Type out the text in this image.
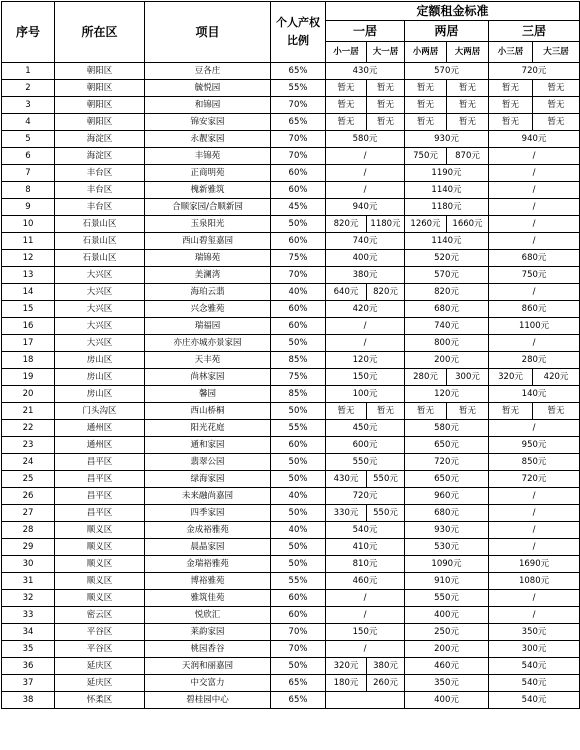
序号	所在区	项目	个人产权比例	定额租金标准					
				一居		两居		三居	
				小一居	大一居	小两居	大两居	小三居	大三居
1	朝阳区	豆各庄	65%	430元		570元		720元	
2	朝阳区	毓悦园	55%	暂无	暂无	暂无	暂无	暂无	暂无
3	朝阳区	和锦园	70%	暂无	暂无	暂无	暂无	暂无	暂无
4	朝阳区	锦安家园	65%	暂无	暂无	暂无	暂无	暂无	暂无
5	海淀区	永靓家园	70%	580元		930元		940元	
6	海淀区	丰锦苑	70%	/		750元	870元	/	
7	丰台区	正商明苑	60%	/		1190元		/	
8	丰台区	槐新雅筑	60%	/		1140元		/	
9	丰台区	合顺家园/合顺新园	45%	940元		1180元		/	
10	石景山区	玉泉阳光	50%	820元	1180元	1260元	1660元	/	
11	石景山区	西山碧玺嘉园	60%	740元		1140元		/	
12	石景山区	瑞锦苑	75%	400元		520元		680元	
13	大兴区	美澜湾	70%	380元		570元		750元	
14	大兴区	海珀云翡	40%	640元	820元	820元		/	
15	大兴区	兴念雅苑	60%	420元		680元		860元	
16	大兴区	瑞福园	60%	/		740元		1100元	
17	大兴区	亦庄亦城亦景家园	50%	/		800元		/	
18	房山区	天丰苑	85%	120元		200元		280元	
19	房山区	尚林家园	75%	150元		280元	300元	320元	420元
20	房山区	馨园	85%	100元		120元		140元	
21	门头沟区	西山桥桐	50%	暂无	暂无	暂无	暂无	暂无	暂无
22	通州区	阳光花庭	55%	450元		580元		/	
23	通州区	通和家园	60%	600元		650元		950元	
24	昌平区	翡翠公园	50%	550元		720元		850元	
25	昌平区	绿海家园	50%	430元	550元	650元		720元	
26	昌平区	未来融尚嘉园	40%	720元		960元		/	
27	昌平区	四季家园	50%	330元	550元	680元		/	
28	顺义区	金成裕雅苑	40%	540元		930元		/	
29	顺义区	晨晶家园	50%	410元		530元		/	
30	顺义区	金瑞裕雅苑	50%	810元		1090元		1690元	
31	顺义区	博裕雅苑	55%	460元		910元		1080元	
32	顺义区	雅筑佳苑	60%	/		550元		/	
33	密云区	悦欣汇	60%	/		400元		/	
34	平谷区	莱韵家园	70%	150元		250元		350元	
35	平谷区	桃园香谷	70%	/		200元		300元	
36	延庆区	天润和丽嘉园	50%	320元	380元	460元		540元	
37	延庆区	中交富力	65%	180元	260元	350元		540元	
38	怀柔区	碧桂园中心	65%			400元		540元	
